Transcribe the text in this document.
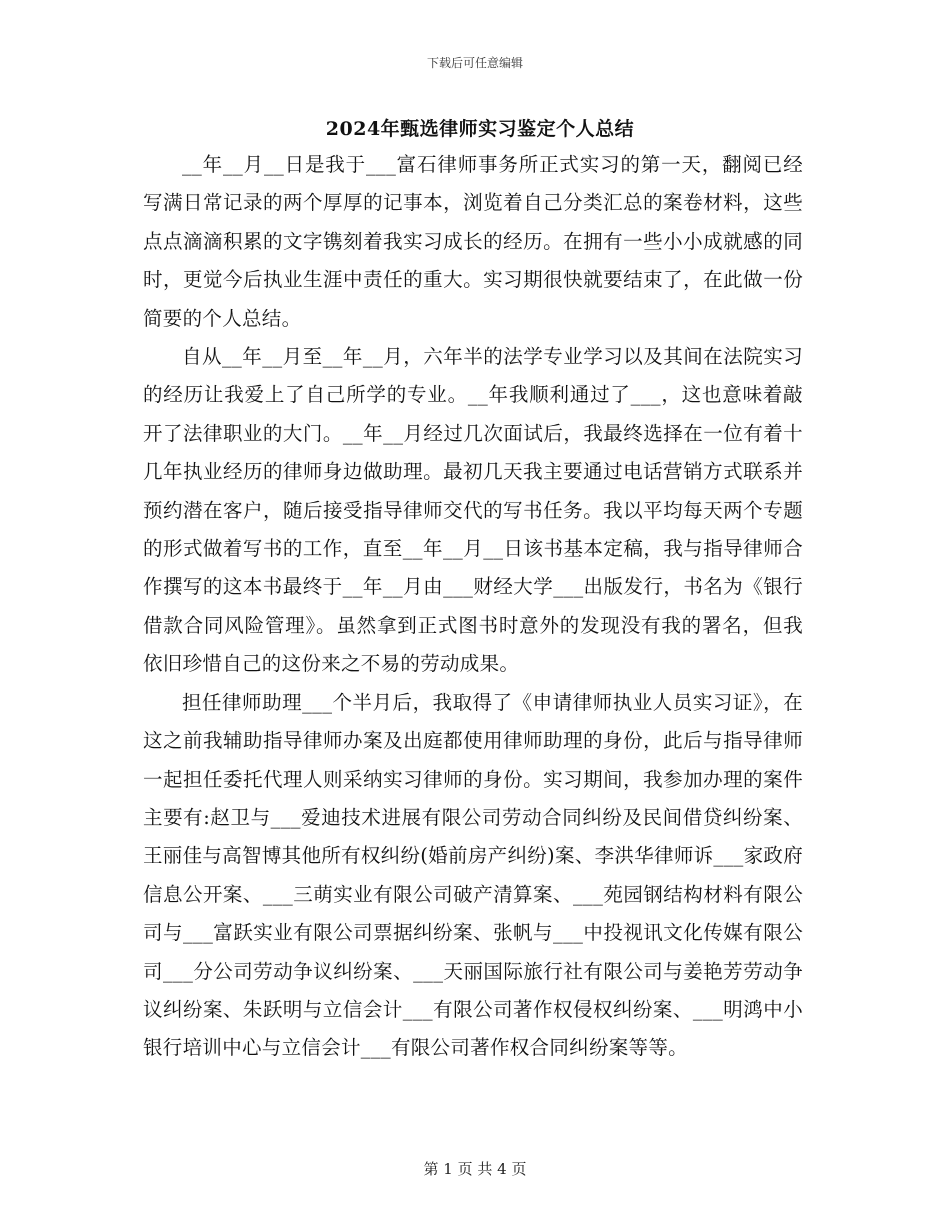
下载后可任意编辑
2024年甄选律师实习鉴定个人总结

__年__月__日是我于___富石律师事务所正式实习的第一天，翻阅已经写满日常记录的两个厚厚的记事本，浏览着自己分类汇总的案卷材料，这些点点滴滴积累的文字镌刻着我实习成长的经历。在拥有一些小小成就感的同时，更觉今后执业生涯中责任的重大。实习期很快就要结束了，在此做一份简要的个人总结。

自从__年__月至__年__月，六年半的法学专业学习以及其间在法院实习的经历让我爱上了自己所学的专业。__年我顺利通过了___，这也意味着敲开了法律职业的大门。__年__月经过几次面试后，我最终选择在一位有着十几年执业经历的律师身边做助理。最初几天我主要通过电话营销方式联系并预约潜在客户，随后接受指导律师交代的写书任务。我以平均每天两个专题的形式做着写书的工作，直至__年__月__日该书基本定稿，我与指导律师合作撰写的这本书最终于__年__月由___财经大学___出版发行，书名为《银行借款合同风险管理》。虽然拿到正式图书时意外的发现没有我的署名，但我依旧珍惜自己的这份来之不易的劳动成果。

担任律师助理___个半月后，我取得了《申请律师执业人员实习证》，在这之前我辅助指导律师办案及出庭都使用律师助理的身份，此后与指导律师一起担任委托代理人则采纳实习律师的身份。实习期间，我参加办理的案件主要有:赵卫与___爱迪技术进展有限公司劳动合同纠纷及民间借贷纠纷案、王丽佳与高智博其他所有权纠纷(婚前房产纠纷)案、李洪华律师诉___家政府信息公开案、___三萌实业有限公司破产清算案、___苑园钢结构材料有限公司与___富跃实业有限公司票据纠纷案、张帆与___中投视讯文化传媒有限公司___分公司劳动争议纠纷案、___天丽国际旅行社有限公司与姜艳芳劳动争议纠纷案、朱跃明与立信会计___有限公司著作权侵权纠纷案、___明鸿中小银行培训中心与立信会计___有限公司著作权合同纠纷案等等。

第 1 页 共 4 页
